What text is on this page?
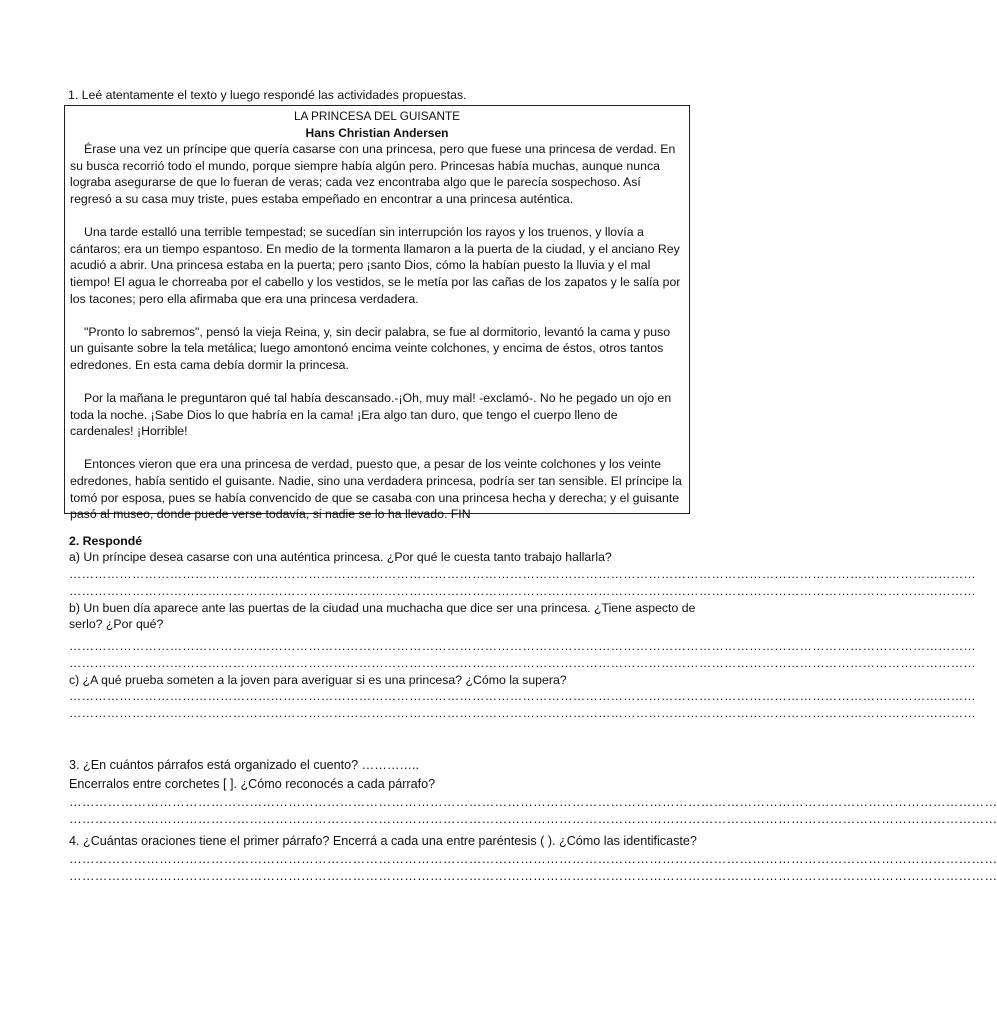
1. Leé atentamente el texto y luego respondé las actividades propuestas.
LA PRINCESA DEL GUISANTE
Hans Christian Andersen

Érase una vez un príncipe que quería casarse con una princesa, pero que fuese una princesa de verdad. En su busca recorrió todo el mundo, porque siempre había algún pero. Princesas había muchas, aunque nunca lograba asegurarse de que lo fueran de veras; cada vez encontraba algo que le parecía sospechoso. Así regresó a su casa muy triste, pues estaba empeñado en encontrar a una princesa auténtica.

Una tarde estalló una terrible tempestad; se sucedían sin interrupción los rayos y los truenos, y llovía a cántaros; era un tiempo espantoso. En medio de la tormenta llamaron a la puerta de la ciudad, y el anciano Rey acudió a abrir. Una princesa estaba en la puerta; pero ¡santo Dios, cómo la habían puesto la lluvia y el mal tiempo! El agua le chorreaba por el cabello y los vestidos, se le metía por las cañas de los zapatos y le salía por los tacones; pero ella afirmaba que era una princesa verdadera.

"Pronto lo sabremos", pensó la vieja Reina, y, sin decir palabra, se fue al dormitorio, levantó la cama y puso un guisante sobre la tela metálica; luego amontonó encima veinte colchones, y encima de éstos, otros tantos edredones. En esta cama debía dormir la princesa.

Por la mañana le preguntaron qué tal había descansado.-¡Oh, muy mal! -exclamó-. No he pegado un ojo en toda la noche. ¡Sabe Dios lo que habría en la cama! ¡Era algo tan duro, que tengo el cuerpo lleno de cardenales! ¡Horrible!

Entonces vieron que era una princesa de verdad, puesto que, a pesar de los veinte colchones y los veinte edredones, había sentido el guisante. Nadie, sino una verdadera princesa, podría ser tan sensible. El príncipe la tomó por esposa, pues se había convencido de que se casaba con una princesa hecha y derecha; y el guisante pasó al museo, donde puede verse todavía, si nadie se lo ha llevado. FIN

2. Respondé
a) Un príncipe desea casarse con una auténtica princesa. ¿Por qué le cuesta tanto trabajo hallarla?
………………………………………………………………………………………………………………………………………………………………………………………………
………………………………………………………………………………………………………………………………………………………………………………………………
b) Un buen día aparece ante las puertas de la ciudad una muchacha que dice ser una princesa. ¿Tiene aspecto de serlo? ¿Por qué?
………………………………………………………………………………………………………………………………………………………………………………………………
………………………………………………………………………………………………………………………………………………………………………………………………
c) ¿A qué prueba someten a la joven para averiguar si es una princesa? ¿Cómo la supera?
………………………………………………………………………………………………………………………………………………………………………………………………
………………………………………………………………………………………………………………………………………………………………………………………………
3. ¿En cuántos párrafos está organizado el cuento? …………..
Encerralos entre corchetes [ ]. ¿Cómo reconocés a cada párrafo?
………………………………………………………………………………………………………………………………………………………………………………………………
………………………………………………………………………………………………………………………………………………………………………………………………
4. ¿Cuántas oraciones tiene el primer párrafo? Encerrá a cada una entre paréntesis ( ). ¿Cómo las identificaste?
………………………………………………………………………………………………………………………………………………………………………………………………
………………………………………………………………………………………………………………………………………………………………………………………………
